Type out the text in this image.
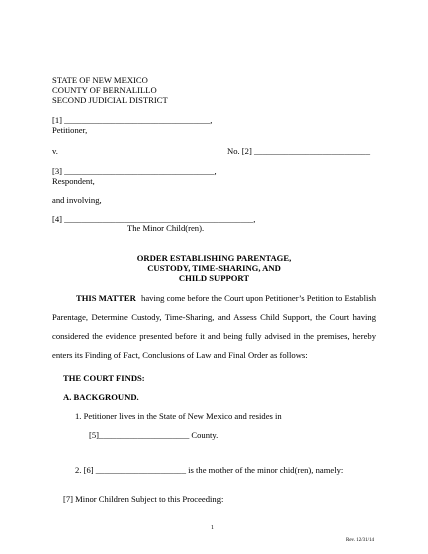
STATE OF NEW MEXICO
COUNTY OF BERNALILLO
SECOND JUDICIAL DISTRICT
[1] __________________________________,
Petitioner,
v.	No. [2] ___________________________
[3] ___________________________________,
Respondent,
and involving,
[4] ____________________________________________,
The Minor Child(ren).
ORDER ESTABLISHING PARENTAGE,
CUSTODY, TIME-SHARING, AND
CHILD SUPPORT
THIS MATTER having come before the Court upon Petitioner’s Petition to Establish
Parentage, Determine Custody, Time-Sharing, and Assess Child Support, the Court having
considered the evidence presented before it and being fully advised in the premises, hereby
enters its Finding of Fact, Conclusions of Law and Final Order as follows:
THE COURT FINDS:
A. BACKGROUND.
1. Petitioner lives in the State of New Mexico and resides in
[5]_____________________ County.
2. [6] _____________________ is the mother of the minor chid(ren), namely:
[7] Minor Children Subject to this Proceeding:
1
Rev. 12/31/14
